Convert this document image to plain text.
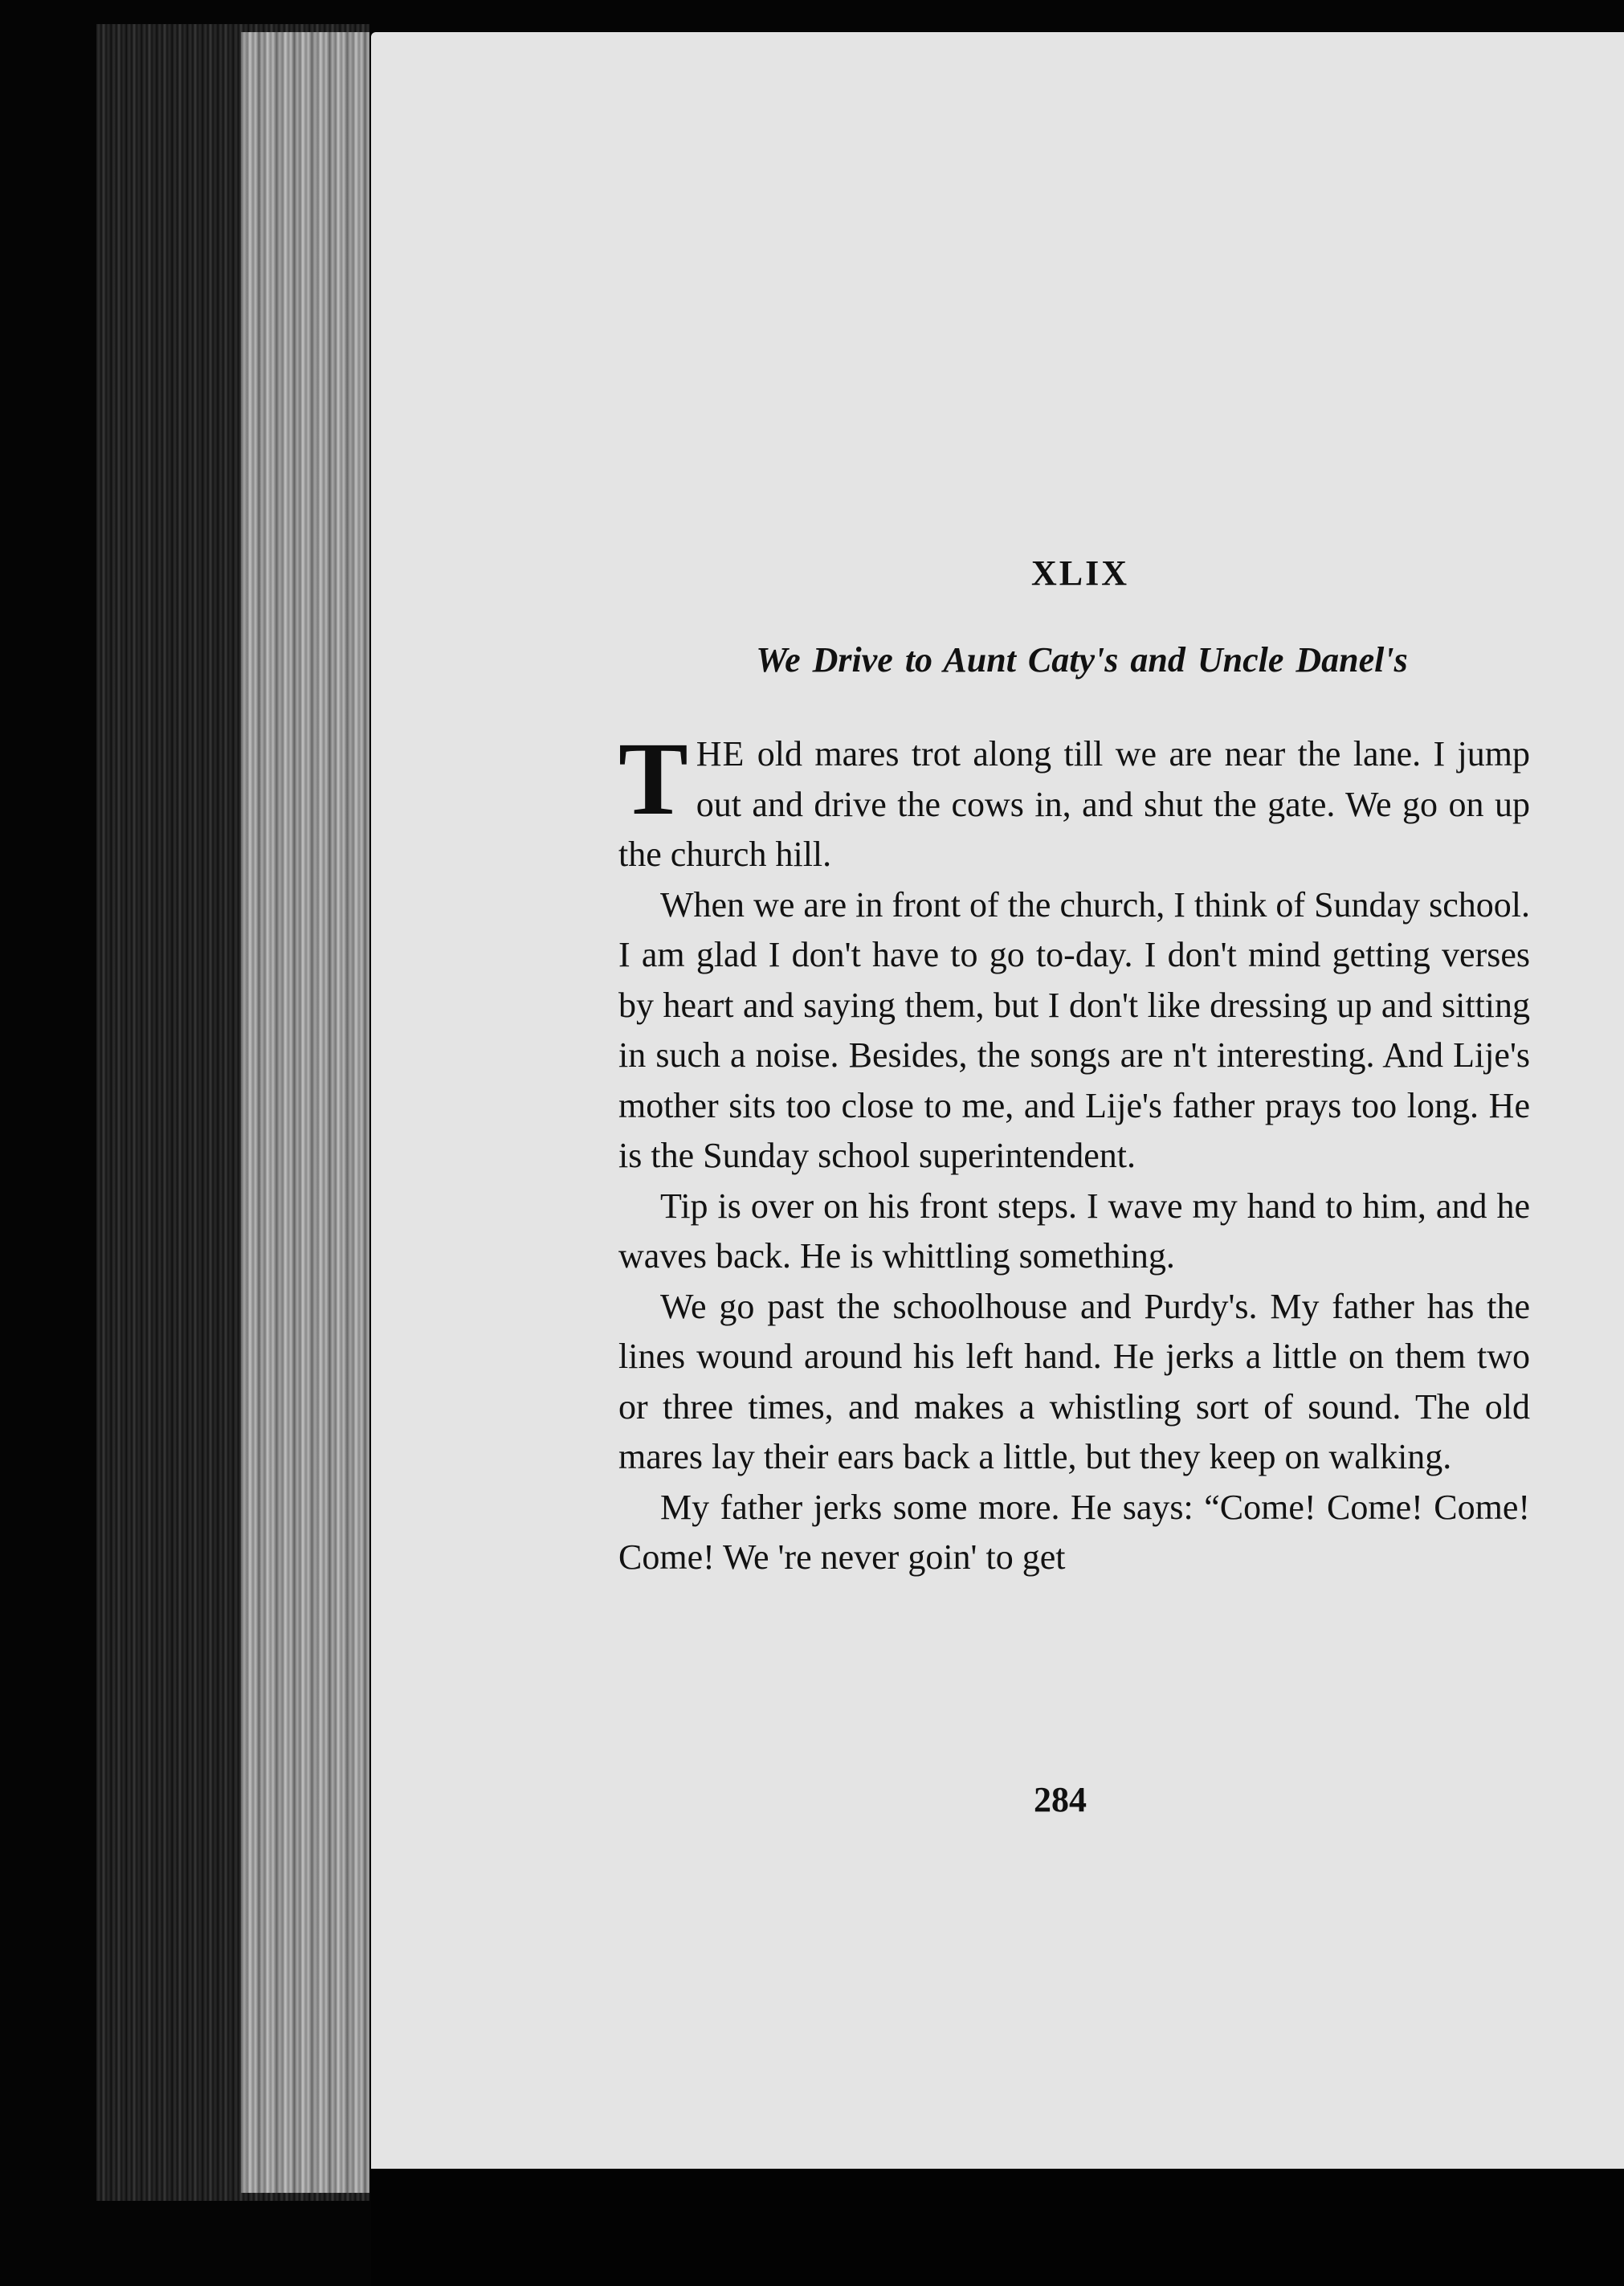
XLIX
We Drive to Aunt Caty's and Uncle Danel's

THE old mares trot along till we are near the lane. I jump out and drive the cows in, and shut the gate. We go on up the church hill.

When we are in front of the church, I think of Sunday school. I am glad I don't have to go to-day. I don't mind getting verses by heart and saying them, but I don't like dressing up and sitting in such a noise. Besides, the songs are n't interesting. And Lije's mother sits too close to me, and Lije's father prays too long. He is the Sunday school superintendent.

Tip is over on his front steps. I wave my hand to him, and he waves back. He is whittling something.

We go past the schoolhouse and Purdy's. My father has the lines wound around his left hand. He jerks a little on them two or three times, and makes a whistling sort of sound. The old mares lay their ears back a little, but they keep on walking.

My father jerks some more. He says: “Come! Come! Come! Come! We 're never goin' to get

284
